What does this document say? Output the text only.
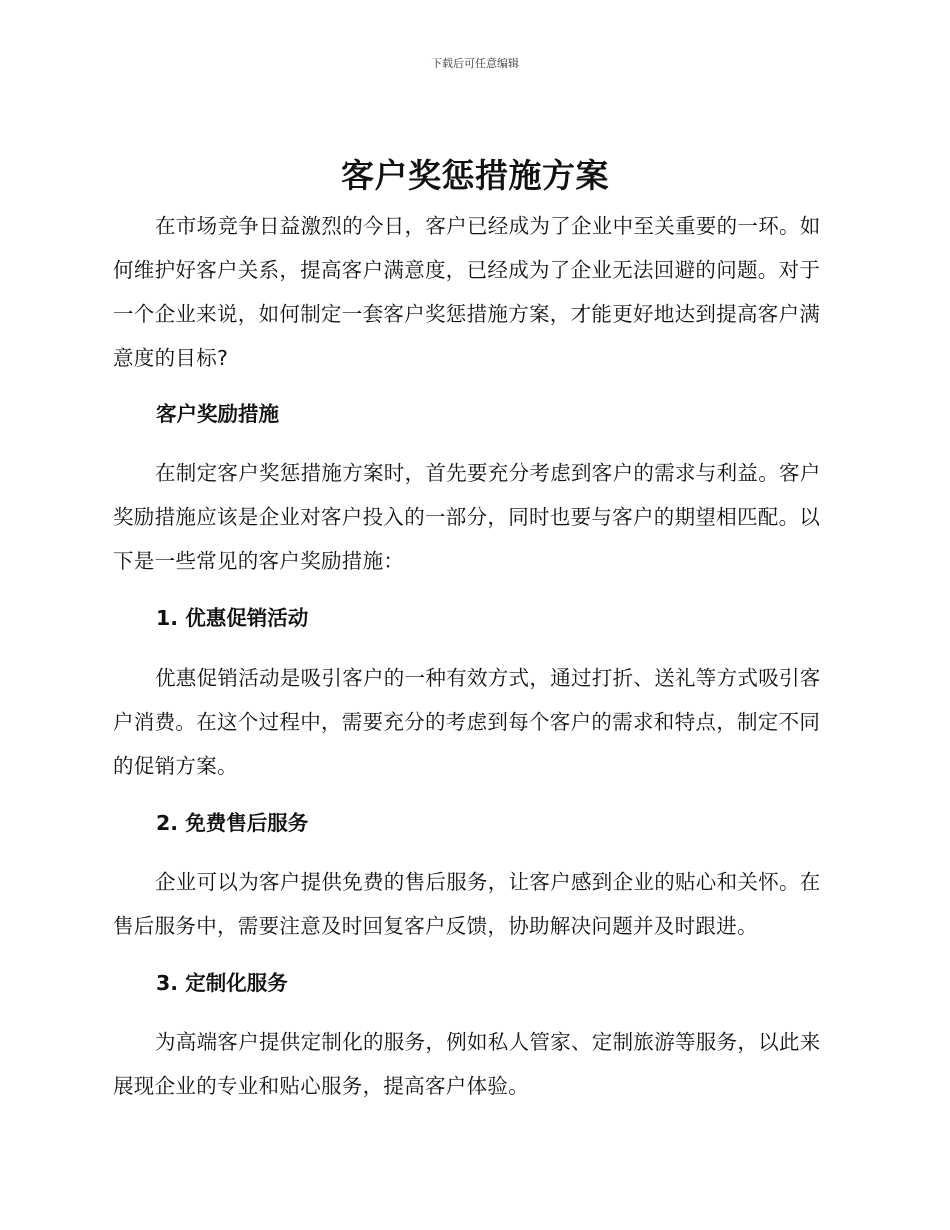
下载后可任意编辑
客户奖惩措施方案

在市场竞争日益激烈的今日，客户已经成为了企业中至关重要的一环。如何维护好客户关系，提高客户满意度，已经成为了企业无法回避的问题。对于一个企业来说，如何制定一套客户奖惩措施方案，才能更好地达到提高客户满意度的目标?

客户奖励措施

在制定客户奖惩措施方案时，首先要充分考虑到客户的需求与利益。客户奖励措施应该是企业对客户投入的一部分，同时也要与客户的期望相匹配。以下是一些常见的客户奖励措施：

1. 优惠促销活动

优惠促销活动是吸引客户的一种有效方式，通过打折、送礼等方式吸引客户消费。在这个过程中，需要充分的考虑到每个客户的需求和特点，制定不同的促销方案。

2. 免费售后服务

企业可以为客户提供免费的售后服务，让客户感到企业的贴心和关怀。在售后服务中，需要注意及时回复客户反馈，协助解决问题并及时跟进。

3. 定制化服务

为高端客户提供定制化的服务，例如私人管家、定制旅游等服务，以此来展现企业的专业和贴心服务，提高客户体验。
